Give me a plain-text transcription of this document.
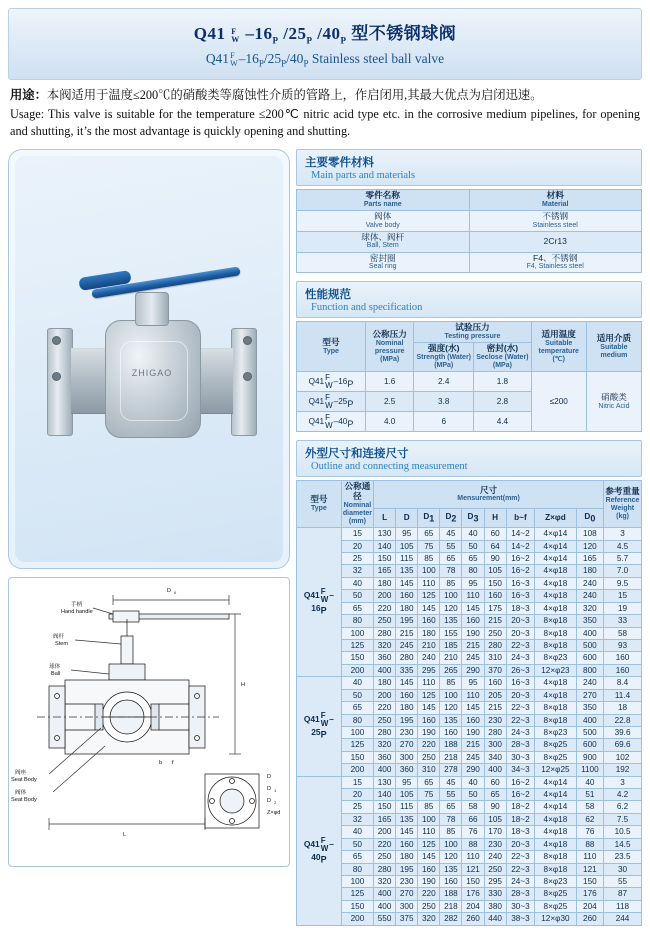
Q41 F
W $-16_P$ $/25_P$ $/40_P$ 型不锈钢球阀
Q41 F
W $-16_P/25_P/40_P$ Stainless steel ball valve
用途：本阀适用于温度≤200℃的硝酸类等腐蚀性介质的管路上，作启闭用,其最大优点为启闭迅速。
Usage: This valve is suitable for the temperature ≤200℃ nitric acid type etc. in the corrosive medium pipelines, for opening and shutting, it’s the most advantage is quickly opening and shutting.
ZHIGAO
手柄
Hand handle
阀杆
Stem
球体
Ball
阀座
Seat Body
阀体
Seat Body
L
H
D 0
D
D 1
D 2
Z×φd
b f
主要零件材料
Main parts and materials
零件名称
Parts name	材料
Material

阀体
Valve body	不锈钢
Stainless steel

球体、阀杆
Ball, Stem	2Cr13

密封圈
Seal ring	F4、不锈钢
F4, Stainless steel
性能规范
Function and specification
型号
Type	公称压力
Nominal pressure
(MPa)	试验压力
Testing pressure		适用温度
Suitable temperature
(℃)	适用介质
Suitable medium

		强度(水)
Strength (Water)
(MPa)	密封(水)
Seclose (Water)
(MPa)		

Q41 F
W –16P	1.6	2.4	1.8	≤200	硝酸类
Nitric Acid

Q41 F
W –25P	2.5	3.8	2.8		
Q41 F
W –40P	4.0	6	4.4		
外型尺寸和连接尺寸
Outline and connecting measurement
型号
Type	公称通径
Nominal diameter
(mm)	尺寸
Mensurement(mm)									参考重量
Reference Weight (kg)

		L	D	D1	D2	D3	H	b~f	Z×φd	D0	
Q41 F
W –16P	15	130	95	65	45	40	60	14~2	4×φ14	108	3
	20	140	105	75	55	50	64	14~2	4×φ14	120	4.5
	25	150	115	85	65	65	90	16~2	4×φ14	165	5.7
	32	165	135	100	78	80	105	16~2	4×φ18	180	7.0
	40	180	145	110	85	95	150	16~3	4×φ18	240	9.5
	50	200	160	125	100	110	160	16~3	4×φ18	240	15
	65	220	180	145	120	145	175	18~3	4×φ18	320	19
	80	250	195	160	135	160	215	20~3	8×φ18	350	33
	100	280	215	180	155	190	250	20~3	8×φ18	400	58
	125	320	245	210	185	215	280	22~3	8×φ18	500	93
	150	360	280	240	210	245	310	24~3	8×φ23	600	160
	200	400	335	295	265	290	370	26~3	12×φ23	800	160
Q41 F
W –25P	40	180	145	110	85	95	160	16~3	4×φ18	240	8.4
	50	200	160	125	100	110	205	20~3	4×φ18	270	11.4
	65	220	180	145	120	145	215	22~3	8×φ18	350	18
	80	250	195	160	135	160	230	22~3	8×φ18	400	22.8
	100	280	230	190	160	190	280	24~3	8×φ23	500	39.6
	125	320	270	220	188	215	300	28~3	8×φ25	600	69.6
	150	360	300	250	218	245	340	30~3	8×φ25	900	102
	200	400	360	310	278	290	400	34~3	12×φ25	1100	192
Q41 F
W –40P	15	130	95	65	45	40	60	16~2	4×φ14	40	3
	20	140	105	75	55	50	65	16~2	4×φ14	51	4.2
	25	150	115	85	65	58	90	18~2	4×φ14	58	6.2
	32	165	135	100	78	66	105	18~2	4×φ18	62	7.5
	40	200	145	110	85	76	170	18~3	4×φ18	76	10.5
	50	220	160	125	100	88	230	20~3	4×φ18	88	14.5
	65	250	180	145	120	110	240	22~3	8×φ18	110	23.5
	80	280	195	160	135	121	250	22~3	8×φ18	121	30
	100	320	230	190	160	150	295	24~3	8×φ23	150	55
	125	400	270	220	188	176	330	28~3	8×φ25	176	87
	150	400	300	250	218	204	380	30~3	8×φ25	204	118
	200	550	375	320	282	260	440	38~3	12×φ30	260	244
